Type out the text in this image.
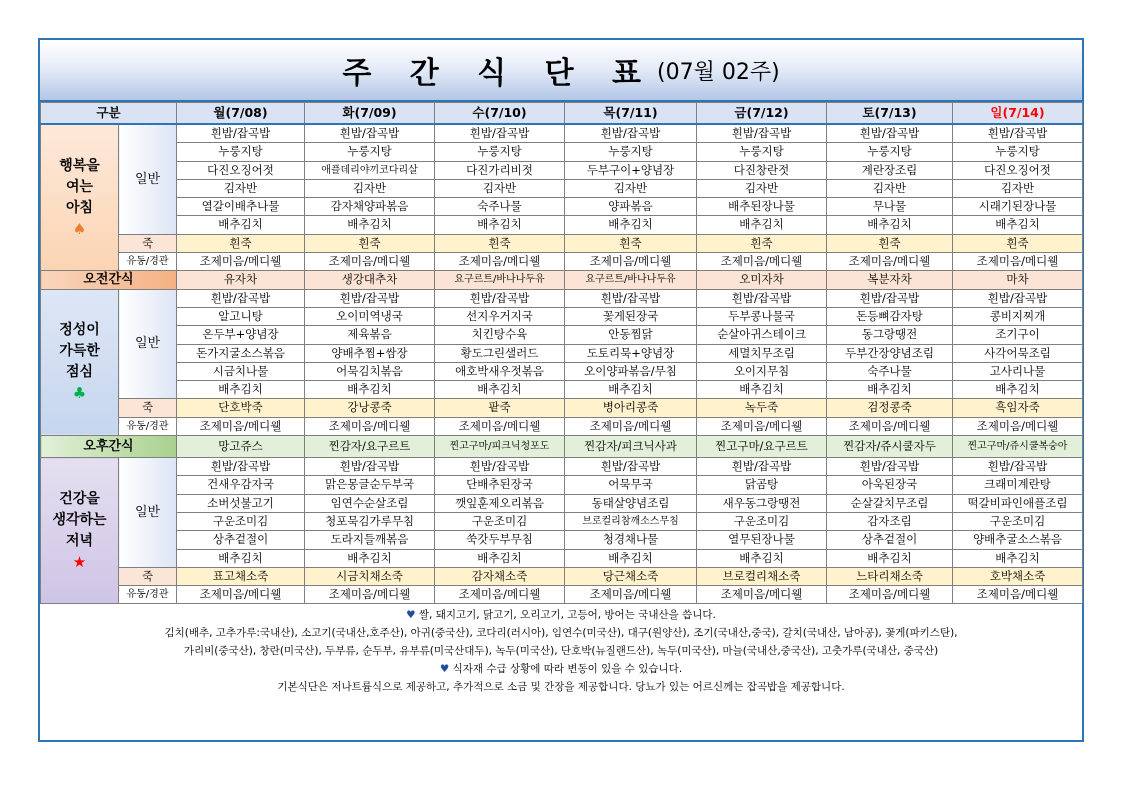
주 간 식 단 표 (07월 02주)
구분		월(7/08)	화(7/09)	수(7/10)	목(7/11)	금(7/12)	토(7/13)	일(7/14)

행복을
여는
아침
♠	일반	흰밥/잡곡밥	흰밥/잡곡밥	흰밥/잡곡밥	흰밥/잡곡밥	흰밥/잡곡밥	흰밥/잡곡밥	흰밥/잡곡밥
		누룽지탕	누룽지탕	누룽지탕	누룽지탕	누룽지탕	누룽지탕	누룽지탕
		다진오징어젓	애플데리야끼코다리살	다진가리비젓	두부구이+양념장	다진창란젓	계란장조림	다진오징어젓
		김자반	김자반	김자반	김자반	김자반	김자반	김자반
		열갈이배추나물	감자채양파볶음	숙주나물	양파볶음	배추된장나물	무나물	시래기된장나물
		배추김치	배추김치	배추김치	배추김치	배추김치	배추김치	배추김치
	죽	흰죽	흰죽	흰죽	흰죽	흰죽	흰죽	흰죽
	유동/경관	조제미음/메디웰	조제미음/메디웰	조제미음/메디웰	조제미음/메디웰	조제미음/메디웰	조제미음/메디웰	조제미음/메디웰
오전간식		유자차	생강대추차	요구르트/바나나두유	요구르트/바나나두유	오미자차	복분자차	마차

정성이
가득한
점심
♣	일반	흰밥/잡곡밥	흰밥/잡곡밥	흰밥/잡곡밥	흰밥/잡곡밥	흰밥/잡곡밥	흰밥/잡곡밥	흰밥/잡곡밥
		알고니탕	오이미역냉국	선지우거지국	꽃게된장국	두부콩나물국	돈등뼈감자탕	콩비지찌개
		온두부+양념장	제육볶음	치킨탕수육	안동찜닭	순살아귀스테이크	동그랑땡전	조기구이
		돈가지굴소스볶음	양배추찜+쌈장	황도그린샐러드	도토리묵+양념장	세멸치무조림	두부간장양념조림	사각어묵조림
		시금치나물	어묵김치볶음	애호박새우젓볶음	오이양파볶음/무침	오이지무침	숙주나물	고사리나물
		배추김치	배추김치	배추김치	배추김치	배추김치	배추김치	배추김치
	죽	단호박죽	강낭콩죽	팥죽	병아리콩죽	녹두죽	검정콩죽	흑임자죽
	유동/경관	조제미음/메디웰	조제미음/메디웰	조제미음/메디웰	조제미음/메디웰	조제미음/메디웰	조제미음/메디웰	조제미음/메디웰
오후간식		망고쥬스	찐감자/요구르트	찐고구마/피크닉청포도	찐감자/피크닉사과	찐고구마/요구르트	찐감자/쥬시쿨자두	찐고구마/쥬시쿨복숭아

건강을
생각하는
저녁
★	일반	흰밥/잡곡밥	흰밥/잡곡밥	흰밥/잡곡밥	흰밥/잡곡밥	흰밥/잡곡밥	흰밥/잡곡밥	흰밥/잡곡밥
		건새우감자국	맑은몽글순두부국	단배추된장국	어묵무국	닭곰탕	아욱된장국	크래미계란탕
		소버섯불고기	임연수순살조림	깻잎훈제오리볶음	동태살양념조림	새우동그랑땡전	순살갈치무조림	떡갈비파인애플조림
		구운조미김	청포묵김가루무침	구운조미김	브로컬리참깨소스무침	구운조미김	감자조림	구운조미김
		상추겉절이	도라지들깨볶음	쑥갓두부무침	청경채나물	열무된장나물	상추겉절이	양배추굴소스볶음
		배추김치	배추김치	배추김치	배추김치	배추김치	배추김치	배추김치
	죽	표고채소죽	시금치채소죽	감자채소죽	당근채소죽	브로컬리채소죽	느타리채소죽	호박채소죽
	유동/경관	조제미음/메디웰	조제미음/메디웰	조제미음/메디웰	조제미음/메디웰	조제미음/메디웰	조제미음/메디웰	조제미음/메디웰
♥ 쌀, 돼지고기, 닭고기, 오리고기, 고등어, 방어는 국내산을 씁니다.
김치(배추, 고추가루:국내산), 소고기(국내산,호주산), 아귀(중국산), 코다리(러시아), 임연수(미국산), 대구(원양산), 조기(국내산,중국), 갈치(국내산, 남아공), 꽃게(파키스탄),
가리비(중국산), 창란(미국산), 두부류, 순두부, 유부류(미국산대두), 녹두(미국산), 단호박(뉴질랜드산), 녹두(미국산), 마늘(국내산,중국산), 고춧가루(국내산, 중국산)
♥ 식자재 수급 상황에 따라 변동이 있을 수 있습니다.
기본식단은 저나트륨식으로 제공하고, 추가적으로 소금 및 간장을 제공합니다. 당뇨가 있는 어르신께는 잡곡밥을 제공합니다.
